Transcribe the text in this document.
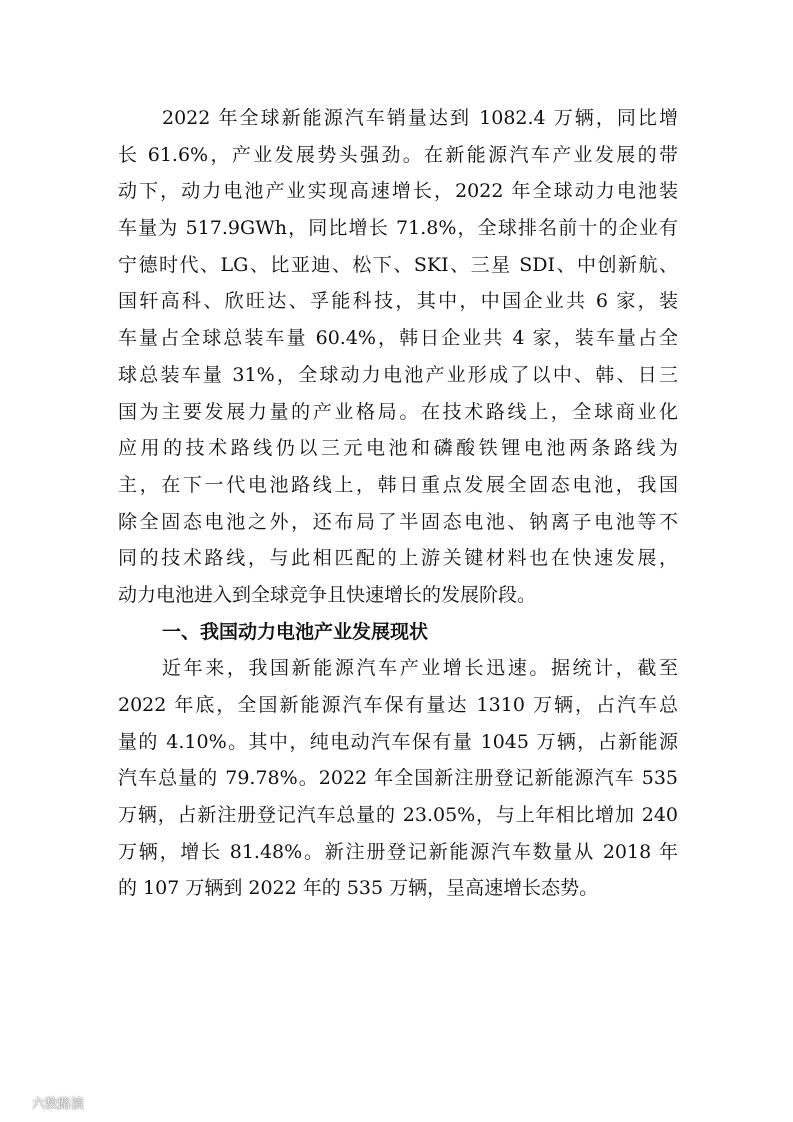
2022 年全球新能源汽车销量达到 1082.4 万辆，同比增
长 61.6%，产业发展势头强劲。在新能源汽车产业发展的带
动下，动力电池产业实现高速增长，2022 年全球动力电池装
车量为 517.9GWh，同比增长 71.8%，全球排名前十的企业有
宁德时代、LG、比亚迪、松下、SKI、三星 SDI、中创新航、
国轩高科、欣旺达、孚能科技，其中，中国企业共 6 家，装
车量占全球总装车量 60.4%，韩日企业共 4 家，装车量占全
球总装车量 31%，全球动力电池产业形成了以中、韩、日三
国为主要发展力量的产业格局。在技术路线上，全球商业化
应用的技术路线仍以三元电池和磷酸铁锂电池两条路线为
主，在下一代电池路线上，韩日重点发展全固态电池，我国
除全固态电池之外，还布局了半固态电池、钠离子电池等不
同的技术路线，与此相匹配的上游关键材料也在快速发展，
动力电池进入到全球竞争且快速增长的发展阶段。
一、我国动力电池产业发展现状
近年来，我国新能源汽车产业增长迅速。据统计，截至
2022 年底，全国新能源汽车保有量达 1310 万辆，占汽车总
量的 4.10%。其中，纯电动汽车保有量 1045 万辆，占新能源
汽车总量的 79.78%。2022 年全国新注册登记新能源汽车 535
万辆，占新注册登记汽车总量的 23.05%，与上年相比增加 240
万辆，增长 81.48%。新注册登记新能源汽车数量从 2018 年
的 107 万辆到 2022 年的 535 万辆，呈高速增长态势。
六数路演
